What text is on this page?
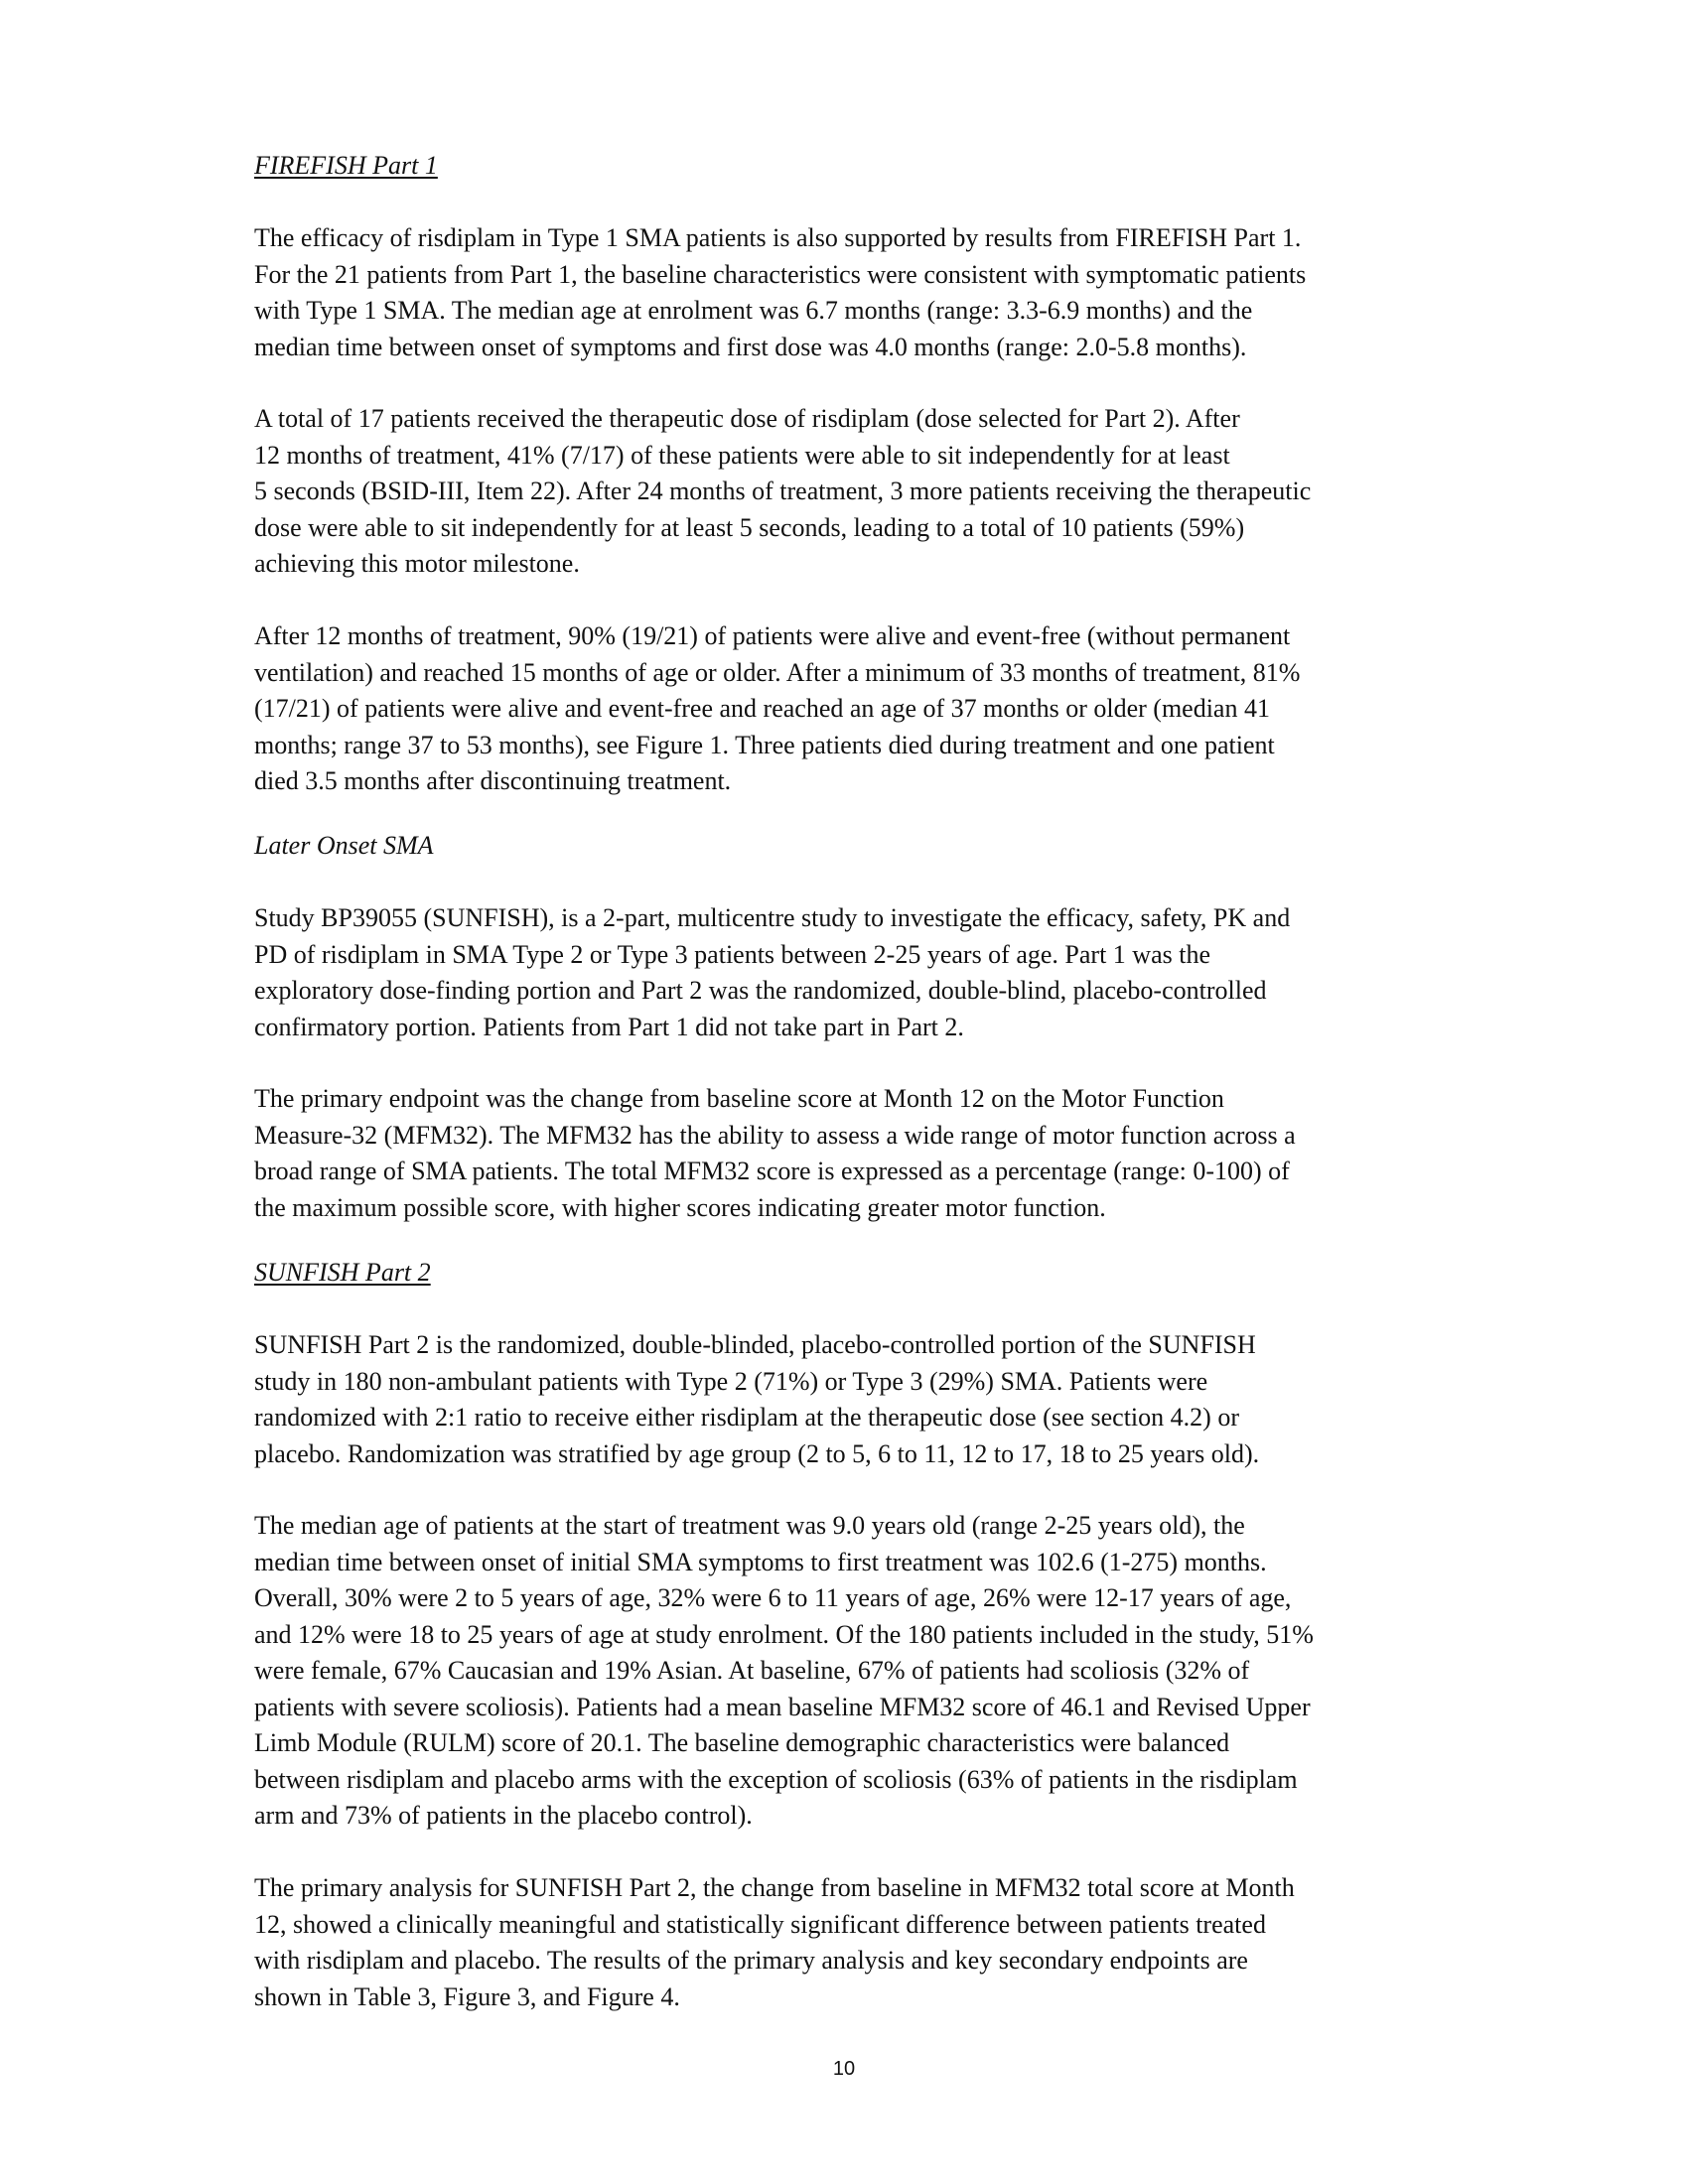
FIREFISH Part 1

The efficacy of risdiplam in Type 1 SMA patients is also supported by results from FIREFISH Part 1.
For the 21 patients from Part 1, the baseline characteristics were consistent with symptomatic patients
with Type 1 SMA. The median age at enrolment was 6.7 months (range: 3.3-6.9 months) and the
median time between onset of symptoms and first dose was 4.0 months (range: 2.0-5.8 months).

A total of 17 patients received the therapeutic dose of risdiplam (dose selected for Part 2). After
12 months of treatment, 41% (7/17) of these patients were able to sit independently for at least
5 seconds (BSID-III, Item 22). After 24 months of treatment, 3 more patients receiving the therapeutic
dose were able to sit independently for at least 5 seconds, leading to a total of 10 patients (59%)
achieving this motor milestone.

After 12 months of treatment, 90% (19/21) of patients were alive and event-free (without permanent
ventilation) and reached 15 months of age or older. After a minimum of 33 months of treatment, 81%
(17/21) of patients were alive and event-free and reached an age of 37 months or older (median 41
months; range 37 to 53 months), see Figure 1. Three patients died during treatment and one patient
died 3.5 months after discontinuing treatment.

Later Onset SMA

Study BP39055 (SUNFISH), is a 2-part, multicentre study to investigate the efficacy, safety, PK and
PD of risdiplam in SMA Type 2 or Type 3 patients between 2-25 years of age. Part 1 was the
exploratory dose-finding portion and Part 2 was the randomized, double-blind, placebo-controlled
confirmatory portion. Patients from Part 1 did not take part in Part 2.

The primary endpoint was the change from baseline score at Month 12 on the Motor Function
Measure-32 (MFM32). The MFM32 has the ability to assess a wide range of motor function across a
broad range of SMA patients. The total MFM32 score is expressed as a percentage (range: 0-100) of
the maximum possible score, with higher scores indicating greater motor function.

SUNFISH Part 2

SUNFISH Part 2 is the randomized, double-blinded, placebo-controlled portion of the SUNFISH
study in 180 non-ambulant patients with Type 2 (71%) or Type 3 (29%) SMA. Patients were
randomized with 2:1 ratio to receive either risdiplam at the therapeutic dose (see section 4.2) or
placebo. Randomization was stratified by age group (2 to 5, 6 to 11, 12 to 17, 18 to 25 years old).

The median age of patients at the start of treatment was 9.0 years old (range 2-25 years old), the
median time between onset of initial SMA symptoms to first treatment was 102.6 (1-275) months.
Overall, 30% were 2 to 5 years of age, 32% were 6 to 11 years of age, 26% were 12-17 years of age,
and 12% were 18 to 25 years of age at study enrolment. Of the 180 patients included in the study, 51%
were female, 67% Caucasian and 19% Asian. At baseline, 67% of patients had scoliosis (32% of
patients with severe scoliosis). Patients had a mean baseline MFM32 score of 46.1 and Revised Upper
Limb Module (RULM) score of 20.1. The baseline demographic characteristics were balanced
between risdiplam and placebo arms with the exception of scoliosis (63% of patients in the risdiplam
arm and 73% of patients in the placebo control).

The primary analysis for SUNFISH Part 2, the change from baseline in MFM32 total score at Month
12, showed a clinically meaningful and statistically significant difference between patients treated
with risdiplam and placebo. The results of the primary analysis and key secondary endpoints are
shown in Table 3, Figure 3, and Figure 4.

10
